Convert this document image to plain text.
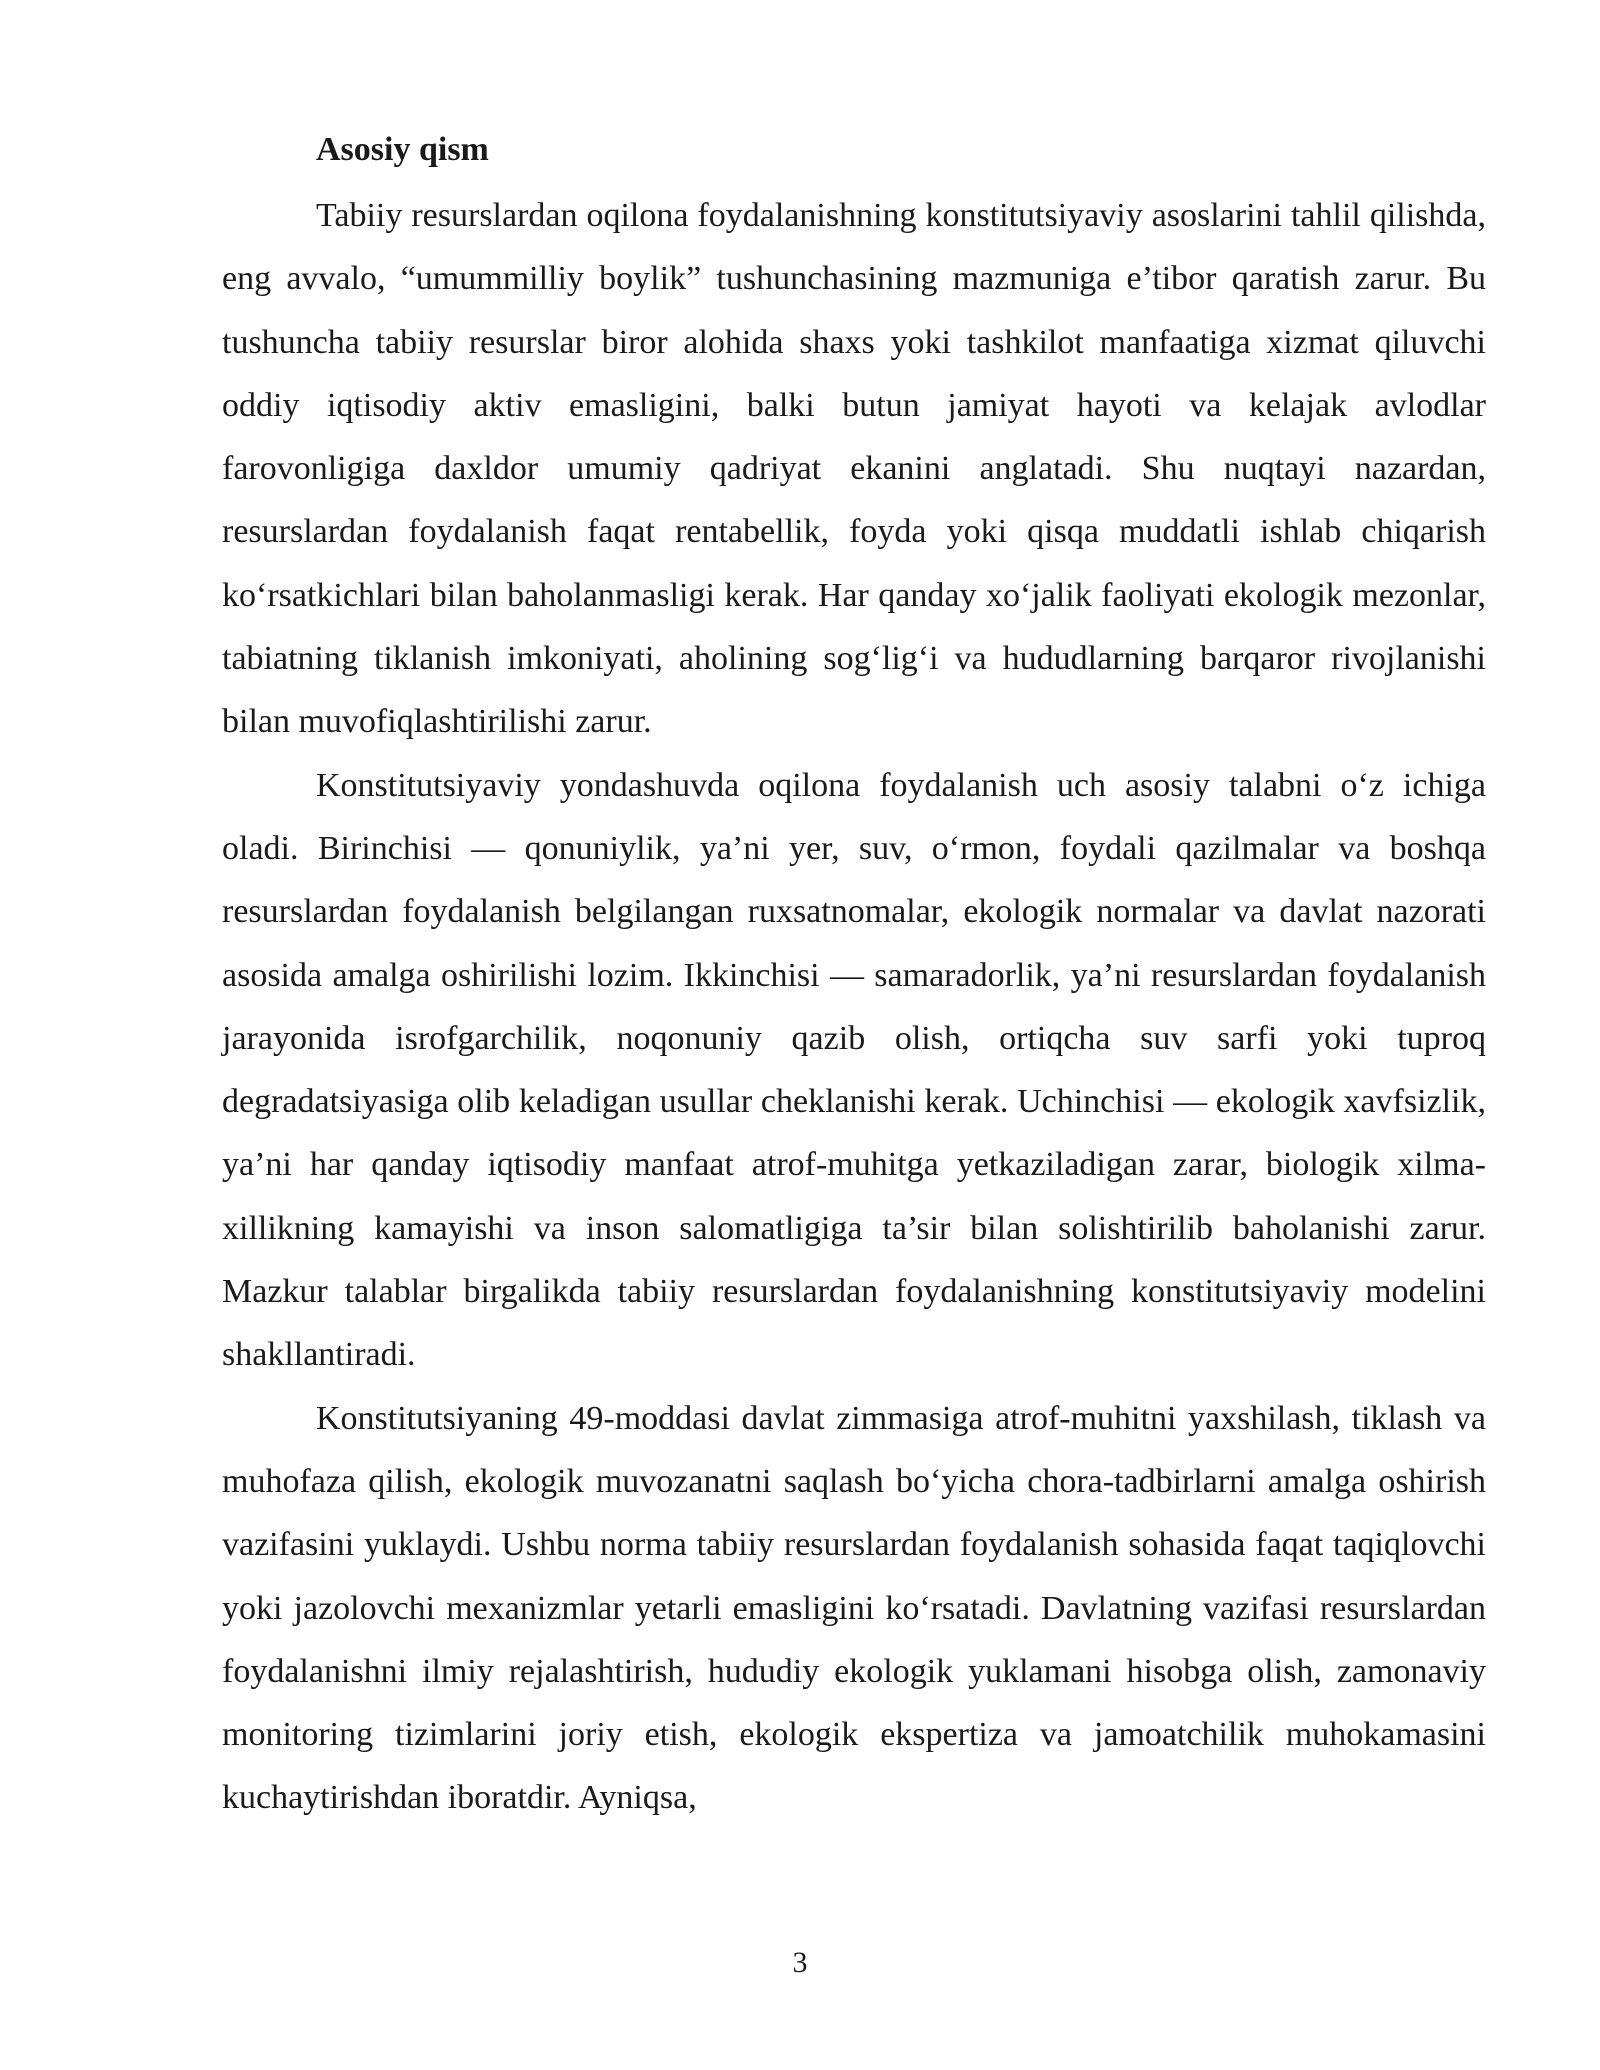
Asosiy qism

Tabiiy resurslardan oqilona foydalanishning konstitutsiyaviy asoslarini tahlil qilishda, eng avvalo, “umummilliy boylik” tushunchasining mazmuniga e’tibor qaratish zarur. Bu tushuncha tabiiy resurslar biror alohida shaxs yoki tashkilot manfaatiga xizmat qiluvchi oddiy iqtisodiy aktiv emasligini, balki butun jamiyat hayoti va kelajak avlodlar farovonligiga daxldor umumiy qadriyat ekanini anglatadi. Shu nuqtayi nazardan, resurslardan foydalanish faqat rentabellik, foyda yoki qisqa muddatli ishlab chiqarish ko‘rsatkichlari bilan baholanmasligi kerak. Har qanday xo‘jalik faoliyati ekologik mezonlar, tabiatning tiklanish imkoniyati, aholining sog‘lig‘i va hududlarning barqaror rivojlanishi bilan muvofiqlashtirilishi zarur.

Konstitutsiyaviy yondashuvda oqilona foydalanish uch asosiy talabni o‘z ichiga oladi. Birinchisi — qonuniylik, ya’ni yer, suv, o‘rmon, foydali qazilmalar va boshqa resurslardan foydalanish belgilangan ruxsatnomalar, ekologik normalar va davlat nazorati asosida amalga oshirilishi lozim. Ikkinchisi — samaradorlik, ya’ni resurslardan foydalanish jarayonida isrofgarchilik, noqonuniy qazib olish, ortiqcha suv sarfi yoki tuproq degradatsiyasiga olib keladigan usullar cheklanishi kerak. Uchinchisi — ekologik xavfsizlik, ya’ni har qanday iqtisodiy manfaat atrof-muhitga yetkaziladigan zarar, biologik xilma-xillikning kamayishi va inson salomatligiga ta’sir bilan solishtirilib baholanishi zarur. Mazkur talablar birgalikda tabiiy resurslardan foydalanishning konstitutsiyaviy modelini shakllantiradi.

Konstitutsiyaning 49-moddasi davlat zimmasiga atrof-muhitni yaxshilash, tiklash va muhofaza qilish, ekologik muvozanatni saqlash bo‘yicha chora-tadbirlarni amalga oshirish vazifasini yuklaydi. Ushbu norma tabiiy resurslardan foydalanish sohasida faqat taqiqlovchi yoki jazolovchi mexanizmlar yetarli emasligini ko‘rsatadi. Davlatning vazifasi resurslardan foydalanishni ilmiy rejalashtirish, hududiy ekologik yuklamani hisobga olish, zamonaviy monitoring tizimlarini joriy etish, ekologik ekspertiza va jamoatchilik muhokamasini kuchaytirishdan iboratdir. Ayniqsa,

3
